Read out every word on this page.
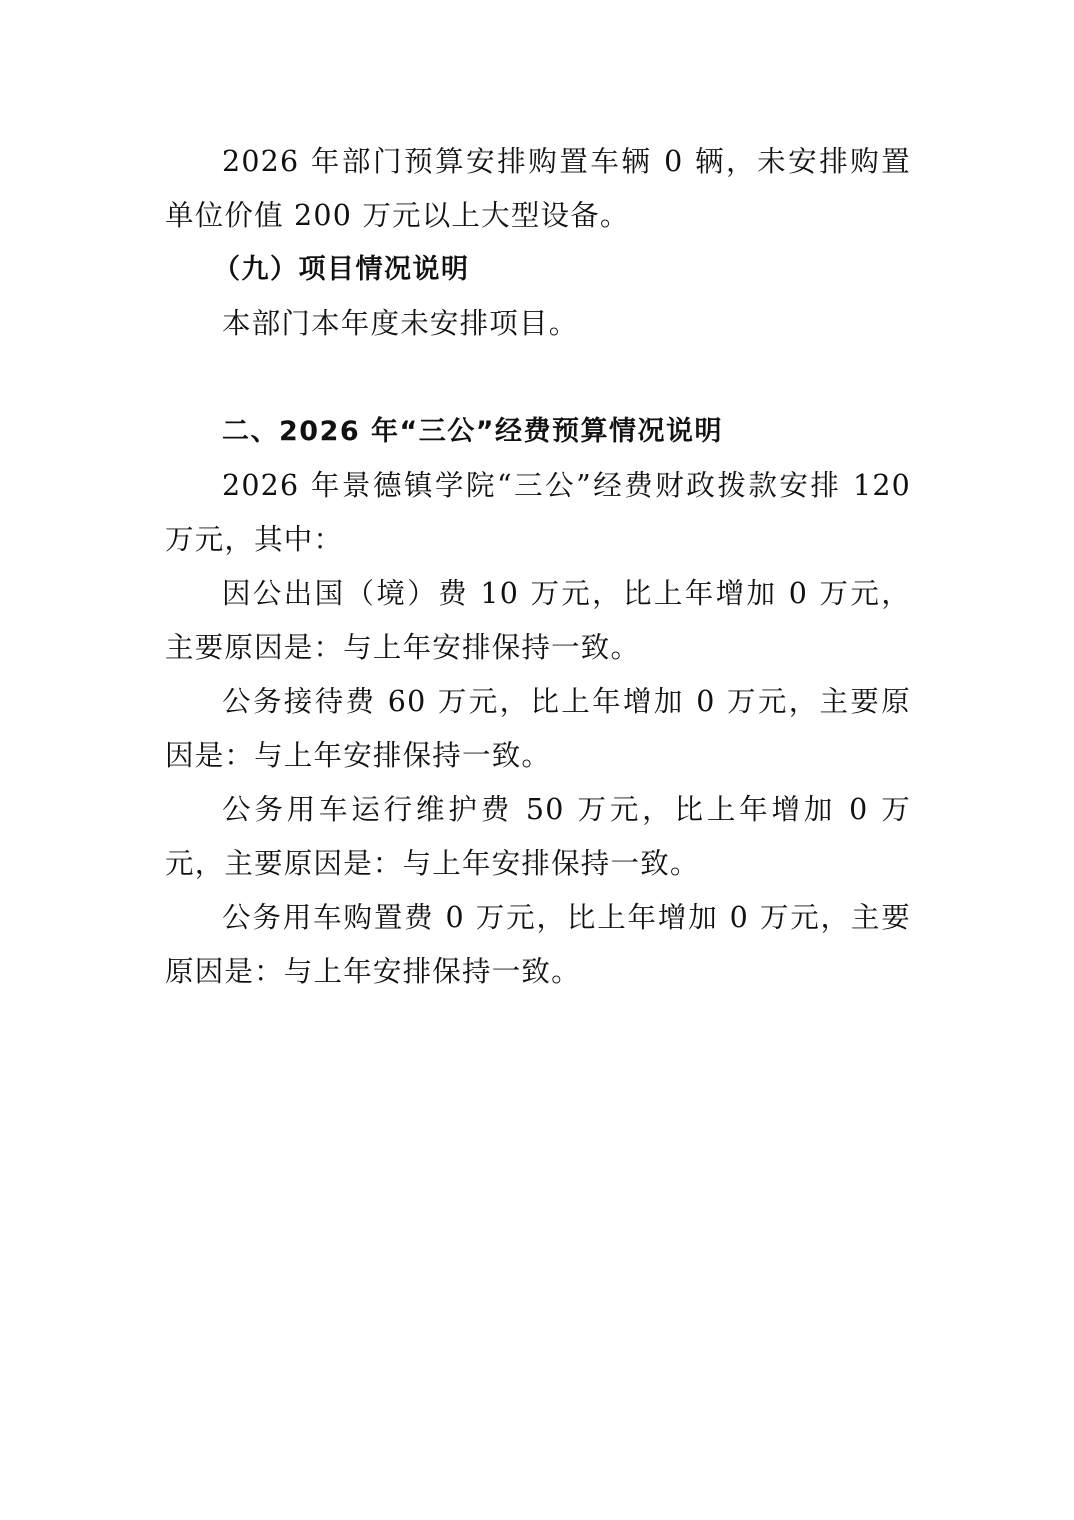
2026 年部门预算安排购置车辆 0 辆，未安排购置单位价值 200 万元以上大型设备。

（九）项目情况说明

本部门本年度未安排项目。

二、2026 年“三公”经费预算情况说明

2026 年景德镇学院“三公”经费财政拨款安排 120 万元，其中：

因公出国（境）费 10 万元，比上年增加 0 万元，主要原因是：与上年安排保持一致。

公务接待费 60 万元，比上年增加 0 万元，主要原因是：与上年安排保持一致。

公务用车运行维护费 50 万元，比上年增加 0 万元，主要原因是：与上年安排保持一致。

公务用车购置费 0 万元，比上年增加 0 万元，主要原因是：与上年安排保持一致。
